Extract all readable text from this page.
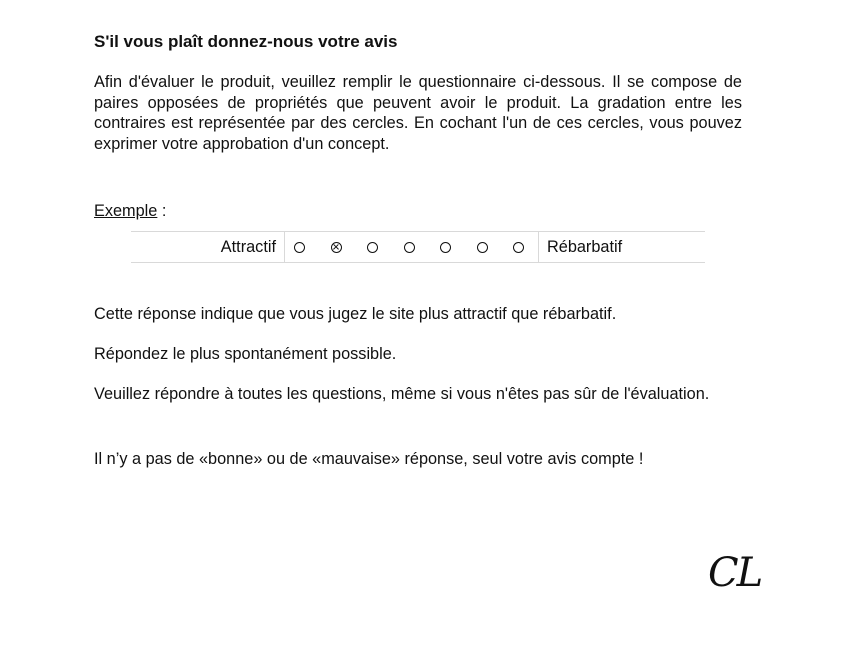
S'il vous plaît donnez-nous votre avis

Afin d'évaluer le produit, veuillez remplir le questionnaire ci-dessous. Il se compose de paires opposées de propriétés que peuvent avoir le produit. La gradation entre les contraires est représentée par des cercles. En cochant l'un de ces cercles, vous pouvez exprimer votre approbation d'un concept.

Exemple :
Attractif	Rébarbatif

Cette réponse indique que vous jugez le site plus attractif que rébarbatif.

Répondez le plus spontanément possible.

Veuillez répondre à toutes les questions, même si vous n'êtes pas sûr de l'évaluation.

Il n’y a pas de «bonne» ou de «mauvaise» réponse, seul votre avis compte !

CL
